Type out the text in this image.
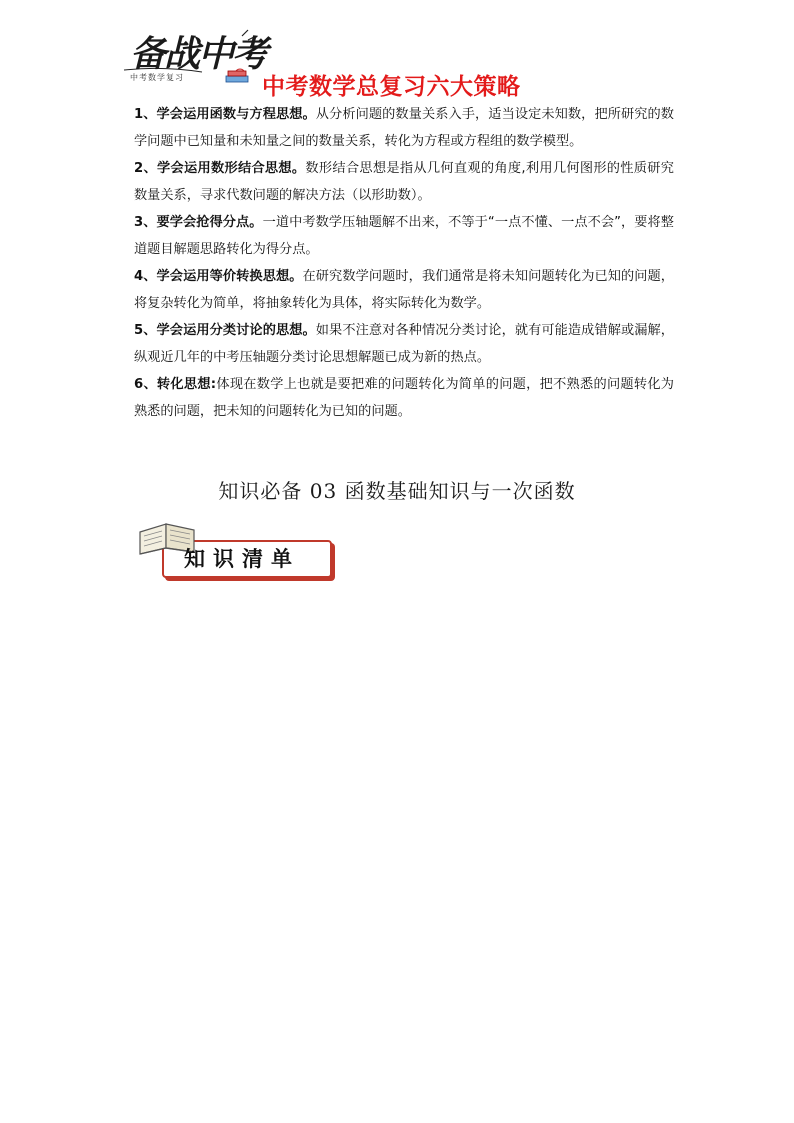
备战中考
中考数学复习	中考数学总复习六大策略

1、学会运用函数与方程思想。从分析问题的数量关系入手，适当设定未知数，把所研究的数学问题中已知量和未知量之间的数量关系，转化为方程或方程组的数学模型。

2、学会运用数形结合思想。数形结合思想是指从几何直观的角度,利用几何图形的性质研究数量关系，寻求代数问题的解决方法（以形助数）。

3、要学会抢得分点。一道中考数学压轴题解不出来，不等于“一点不懂、一点不会”，要将整道题目解题思路转化为得分点。

4、学会运用等价转换思想。在研究数学问题时，我们通常是将未知问题转化为已知的问题，将复杂转化为简单，将抽象转化为具体，将实际转化为数学。

5、学会运用分类讨论的思想。如果不注意对各种情况分类讨论，就有可能造成错解或漏解，纵观近几年的中考压轴题分类讨论思想解题已成为新的热点。

6、转化思想:体现在数学上也就是要把难的问题转化为简单的问题，把不熟悉的问题转化为熟悉的问题，把未知的问题转化为已知的问题。

知识必备 03 函数基础知识与一次函数
知识清单
